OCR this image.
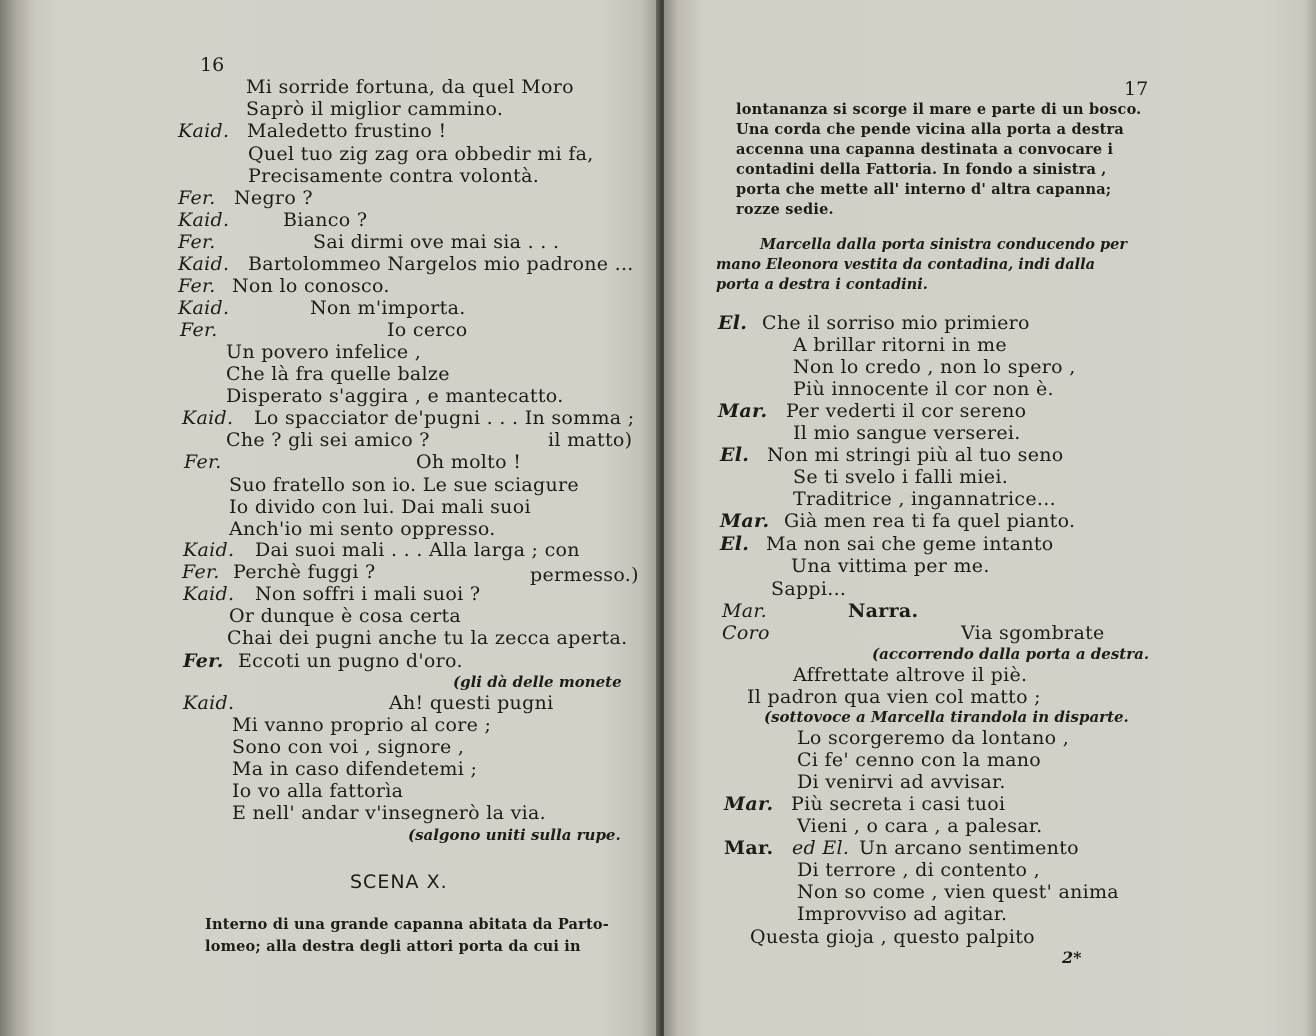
16
Mi sorride fortuna, da quel Moro
Saprò il miglior cammino.
Kaid. Maledetto frustino !
Quel tuo zig zag ora obbedir mi fa,
Precisamente contra volontà.
Fer. Negro ?
Kaid.	Bianco ?
Fer.	Sai dirmi ove mai sia . . .
Kaid. Bartolommeo Nargelos mio padrone ...
Fer. Non lo conosco.
Kaid.	Non m'importa.
Fer.	Io cerco
Un povero infelice ,
Che là fra quelle balze
Disperato s'aggira , e mantecatto.
Kaid. Lo spacciator de'pugni . . . In somma ;
Che ? gli sei amico ?	il matto)
Fer.	Oh molto !
Suo fratello son io. Le sue sciagure
Io divido con lui. Dai mali suoi
Anch'io mi sento oppresso.
Kaid. Dai suoi mali . . . Alla larga ; con
Fer. Perchè fuggi ?	permesso.)
Kaid. Non soffri i mali suoi ?
Or dunque è cosa certa
Chai dei pugni anche tu la zecca aperta.
Fer. Eccoti un pugno d'oro.
(gli dà delle monete
Kaid.	Ah! questi pugni
Mi vanno proprio al core ;
Sono con voi , signore ,
Ma in caso difendetemi ;
Io vo alla fattorìa
E nell' andar v'insegnerò la via.
(salgono uniti sulla rupe.
SCENA X.
Interno di una grande capanna abitata da Parto-
lomeo; alla destra degli attori porta da cui in
17
lontananza si scorge il mare e parte di un bosco.
Una corda che pende vicina alla porta a destra
accenna una capanna destinata a convocare i
contadini della Fattoria. In fondo a sinistra ,
porta che mette all' interno d' altra capanna;
rozze sedie.
Marcella dalla porta sinistra conducendo per
mano Eleonora vestita da contadina, indi dalla
porta a destra i contadini.
El. Che il sorriso mio primiero
A brillar ritorni in me
Non lo credo , non lo spero ,
Più innocente il cor non è.
Mar. Per vederti il cor sereno
Il mio sangue verserei.
El. Non mi stringi più al tuo seno
Se ti svelo i falli miei.
Traditrice , ingannatrice...
Mar. Già men rea ti fa quel pianto.
El. Ma non sai che geme intanto
Una vittima per me.
Sappi...
Mar.	Narra.
Coro	Via sgombrate
(accorrendo dalla porta a destra.
Affrettate altrove il piè.
Il padron qua vien col matto ;
(sottovoce a Marcella tirandola in disparte.
Lo scorgeremo da lontano ,
Ci fe' cenno con la mano
Di venirvi ad avvisar.
Mar. Più secreta i casi tuoi
Vieni , o cara , a palesar.
Mar. ed El. Un arcano sentimento
Di terrore , di contento ,
Non so come , vien quest' anima
Improvviso ad agitar.
Questa gioja , questo palpito
2*
